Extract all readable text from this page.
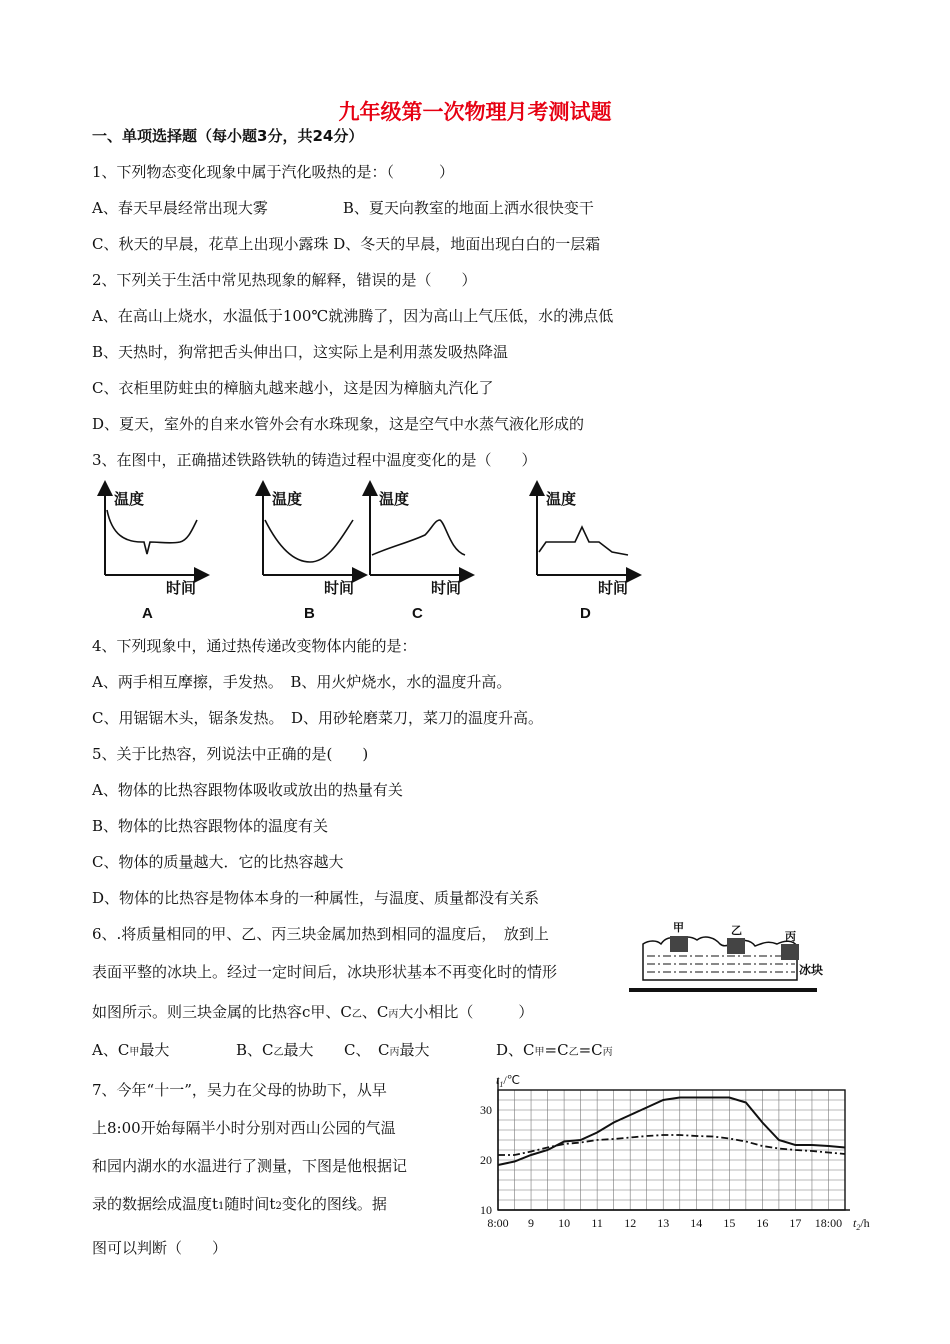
九年级第一次物理月考测试题
一、单项选择题（每小题3分，共24分）
1、下列物态变化现象中属于汽化吸热的是：（　　　）
A、春天早晨经常出现大雾　　　　　B、夏天向教室的地面上洒水很快变干
C、秋天的早晨，花草上出现小露珠 D、冬天的早晨，地面出现白白的一层霜
2、下列关于生活中常见热现象的解释，错误的是（　　）
A、在高山上烧水，水温低于100℃就沸腾了，因为高山上气压低，水的沸点低
B、天热时，狗常把舌头伸出口，这实际上是利用蒸发吸热降温
C、衣柜里防蛀虫的樟脑丸越来越小，这是因为樟脑丸汽化了
D、夏天，室外的自来水管外会有水珠现象，这是空气中水蒸气液化形成的
3、在图中，正确描述铁路铁轨的铸造过程中温度变化的是（　　）
温度	温度	温度	温度
时间	时间	时间	时间
A	B	C	D
4、下列现象中，通过热传递改变物体内能的是：
A、两手相互摩擦，手发热。　B、用火炉烧水，水的温度升高。
C、用锯锯木头，锯条发热。　D、用砂轮磨菜刀，菜刀的温度升高。
5、关于比热容，列说法中正确的是(　　)
A、物体的比热容跟物体吸收或放出的热量有关
B、物体的比热容跟物体的温度有关
C、物体的质量越大．它的比热容越大
D、物体的比热容是物体本身的一种属性，与温度、质量都没有关系
6、.将质量相同的甲、乙、丙三块金属加热到相同的温度后，　放到上
表面平整的冰块上。经过一定时间后，冰块形状基本不再变化时的情形
如图所示。则三块金属的比热容c甲、C乙、C丙大小相比（　　　）
A、C甲最大	B、C乙最大 C、　C丙最大	D、C甲=C乙=C丙
甲	乙	丙
冰块
7、今年“十一”，吴力在父母的协助下，从早
上8:00开始每隔半小时分别对西山公园的气温
和园内湖水的水温进行了测量，下图是他根据记
录的数据绘成温度t1随时间t2变化的图线。据
图可以判断（　　）
8:00 9 10 11 12 13 14 15 16 17 18:00
10
20
30
$t_1/℃$
$t_2/h$
